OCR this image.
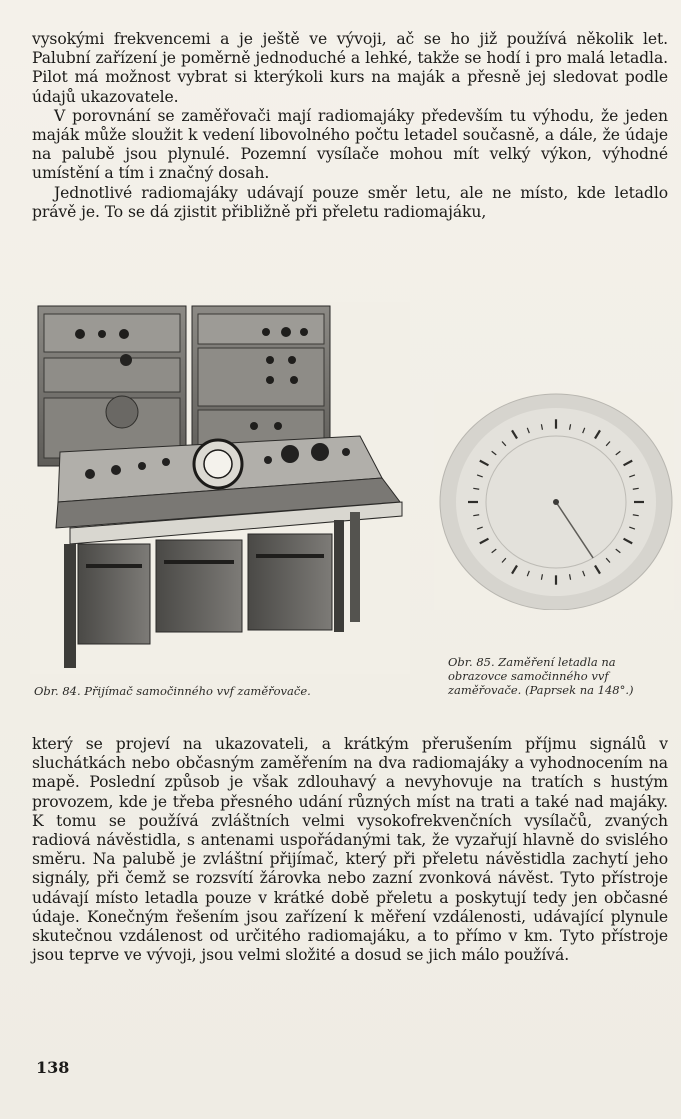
vysokými frekvencemi a je ještě ve vývoji, ač se ho již používá několik let. Palubní zařízení je poměrně jednoduché a lehké, takže se hodí i pro malá letadla. Pilot má možnost vybrat si kterýkoli kurs na maják a přesně jej sledovat podle údajů ukazovatele.

V porovnání se zaměřovači mají radiomajáky především tu výhodu, že jeden maják může sloužit k vedení libovolného počtu letadel současně, a dále, že údaje na palubě jsou plynulé. Pozemní vysílače mohou mít velký výkon, výhodné umístění a tím i značný dosah.

Jednotlivé radiomajáky udávají pouze směr letu, ale ne místo, kde letadlo právě je. To se dá zjistit přibližně při přeletu radiomajáku,

Obr. 84. Přijímač samočinného vvf zaměřovače.
Obr. 85. Zaměření letadla na obrazovce samočinného vvf zaměřovače. (Paprsek na 148°.)

který se projeví na ukazovateli, a krátkým přerušením příjmu signálů v sluchátkách nebo občasným zaměřením na dva radiomajáky a vyhodnocením na mapě. Poslední způsob je však zdlouhavý a nevyhovuje na tratích s hustým provozem, kde je třeba přesného udání různých míst na trati a také nad majáky. K tomu se používá zvláštních velmi vysokofrekvenčních vysílačů, zvaných radiová návěstidla, s antenami uspořádanými tak, že vyzařují hlavně do svislého směru. Na palubě je zvláštní přijímač, který při přeletu návěstidla zachytí jeho signály, při čemž se rozsvítí žárovka nebo zazní zvonková návěst. Tyto přístroje udávají místo letadla pouze v krátké době přeletu a poskytují tedy jen občasné údaje. Konečným řešením jsou zařízení k měření vzdálenosti, udávající plynule skutečnou vzdálenost od určitého radiomajáku, a to přímo v km. Tyto přístroje jsou teprve ve vývoji, jsou velmi složité a dosud se jich málo používá.

138
